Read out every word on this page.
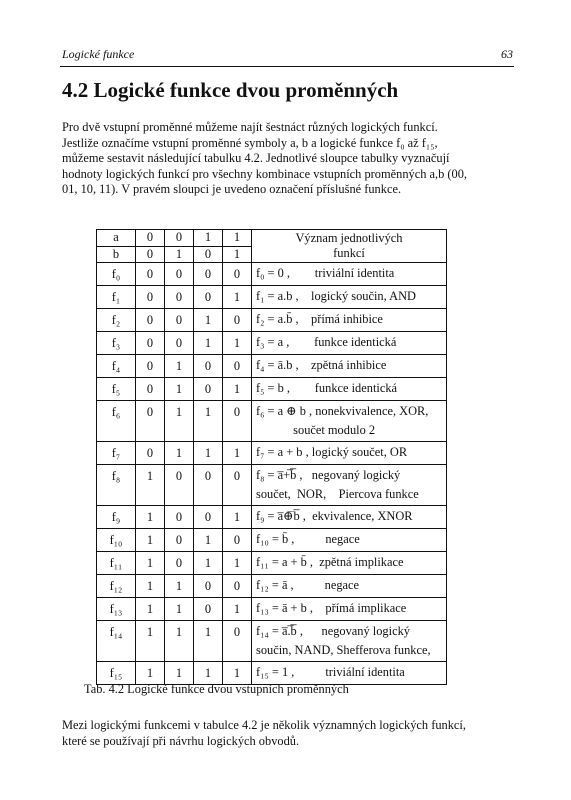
Logické funkce	63
4.2 Logické funkce dvou proměnných

Pro dvě vstupní proměnné můžeme najít šestnáct různých logických funkcí.
Jestliže označíme vstupní proměnné symboly a, b a logické funkce f₀ až f₁₅,
můžeme sestavit následující tabulku 4.2. Jednotlivé sloupce tabulky vyznačují
hodnoty logických funkcí pro všechny kombinace vstupních proměnných a,b (00,
01, 10, 11). V pravém sloupci je uvedeno označení příslušné funkce.

a	0	0	1	1	Význam jednotlivých
funkcí

b	0	1	0	1	
f₀	0	0	0	0	f₀ = 0 ,        triviální identita

f₁	0	0	0	1	f₁ = a.b ,    logický součin, AND

f₂	0	0	1	0	f₂ = a.b̄ ,    přímá inhibice

f₃	0	0	1	1	f₃ = a ,        funkce identická

f₄	0	1	0	0	f₄ = ā.b ,    zpětná inhibice

f₅	0	1	0	1	f₅ = b ,        funkce identická

f₆	0	1	1	0	f₆ = a ⊕ b , nonekvivalence, XOR,
součet modulo 2

f₇	0	1	1	1	f₇ = a + b , logický součet, OR

f₈	1	0	0	0	f₈ = a̅+̅b̅ ,   negovaný logický
součet,  NOR,    Piercova funkce

f₉	1	0	0	1	f₉ = a̅⊕̅b̅ ,  ekvivalence, XNOR

f₁₀	1	0	1	0	f₁₀ = b̄ ,          negace

f₁₁	1	0	1	1	f₁₁ = a + b̄ ,  zpětná implikace

f₁₂	1	1	0	0	f₁₂ = ā ,          negace

f₁₃	1	1	0	1	f₁₃ = ā + b ,    přímá implikace

f₁₄	1	1	1	0	f₁₄ = a̅.̅b̅ ,      negovaný logický
součin, NAND, Shefferova funkce,

f₁₅	1	1	1	1	f₁₅ = 1 ,          triviální identita
Tab. 4.2 Logické funkce dvou vstupních proměnných

Mezi logickými funkcemi v tabulce 4.2 je několik významných logických funkcí,
které se používají při návrhu logických obvodů.
